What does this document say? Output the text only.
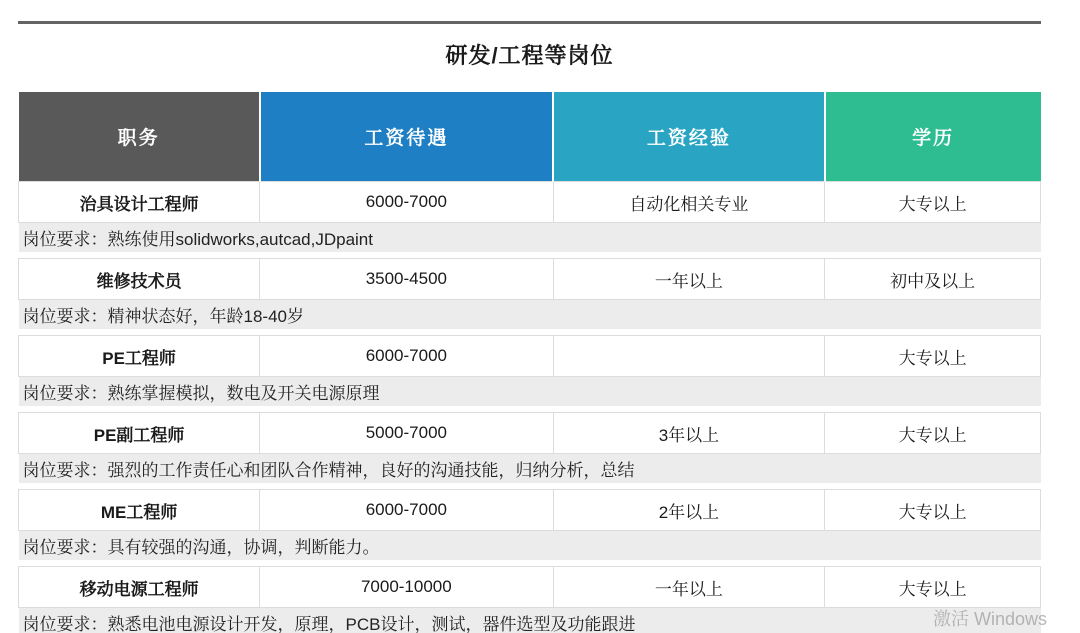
研发/工程等岗位
职务	工资待遇	工资经验	学历
治具设计工程师	6000-7000	自动化相关专业	大专以上
岗位要求：熟练使用solidworks,autcad,JDpaint			

维修技术员	3500-4500	一年以上	初中及以上
岗位要求：精神状态好，年龄18-40岁			

PE工程师	6000-7000		大专以上
岗位要求：熟练掌握模拟，数电及开关电源原理			

PE副工程师	5000-7000	3年以上	大专以上
岗位要求：强烈的工作责任心和团队合作精神，良好的沟通技能，归纳分析，总结			

ME工程师	6000-7000	2年以上	大专以上
岗位要求：具有较强的沟通，协调，判断能力。			

移动电源工程师	7000-10000	一年以上	大专以上
岗位要求：熟悉电池电源设计开发，原理，PCB设计，测试，器件选型及功能跟进				激活 Windows
